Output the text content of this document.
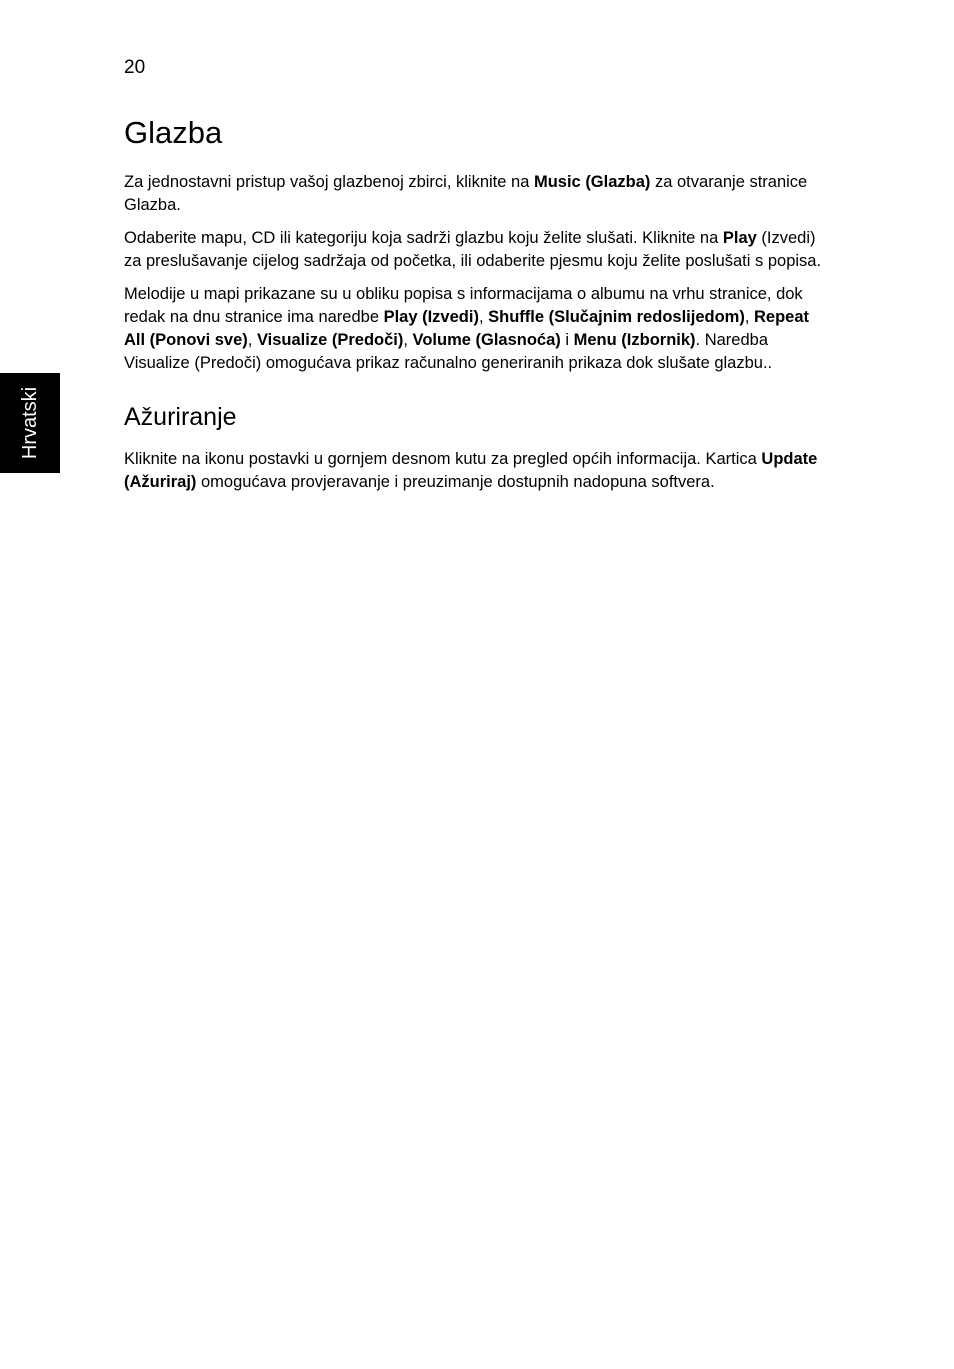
20
Hrvatski
Glazba

Za jednostavni pristup vašoj glazbenoj zbirci, kliknite na Music (Glazba) za otvaranje stranice Glazba.

Odaberite mapu, CD ili kategoriju koja sadrži glazbu koju želite slušati. Kliknite na Play (Izvedi) za preslušavanje cijelog sadržaja od početka, ili odaberite pjesmu koju želite poslušati s popisa.

Melodije u mapi prikazane su u obliku popisa s informacijama o albumu na vrhu stranice, dok redak na dnu stranice ima naredbe Play (Izvedi), Shuffle (Slučajnim redoslijedom), Repeat All (Ponovi sve), Visualize (Predoči), Volume (Glasnoća) i Menu (Izbornik). Naredba Visualize (Predoči) omogućava prikaz računalno generiranih prikaza dok slušate glazbu..

Ažuriranje

Kliknite na ikonu postavki u gornjem desnom kutu za pregled općih informacija. Kartica Update (Ažuriraj) omogućava provjeravanje i preuzimanje dostupnih nadopuna softvera.
